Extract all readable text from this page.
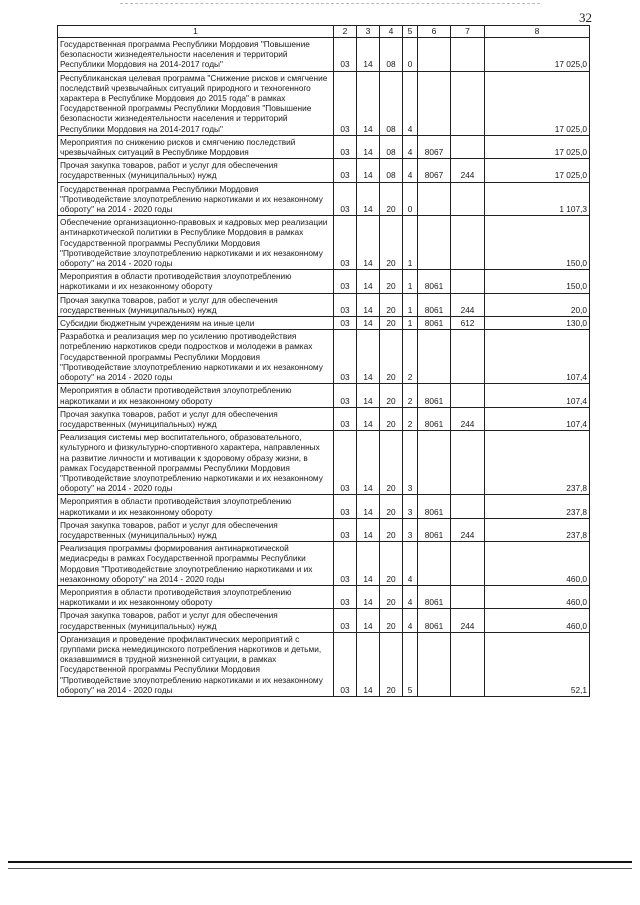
32
1	2	3	4	5	6	7	8
Государственная программа Республики Мордовия "Повышение безопасности жизнедеятельности населения и территорий Республики Мордовия на 2014-2017 годы"	03	14	08	0			17 025,0
Республиканская целевая программа "Снижение рисков и смягчение последствий чрезвычайных ситуаций природного и техногенного характера в Республике Мордовия до 2015 года" в рамках Государственной программы Республики Мордовия "Повышение безопасности жизнедеятельности населения и территорий Республики Мордовия на 2014-2017 годы"	03	14	08	4			17 025,0
Мероприятия по снижению рисков и смягчению последствий чрезвычайных ситуаций в Республике Мордовия	03	14	08	4	8067		17 025,0
Прочая закупка товаров, работ и услуг для обеспечения государственных (муниципальных) нужд	03	14	08	4	8067	244	17 025,0
Государственная программа Республики Мордовия "Противодействие злоупотреблению наркотиками и их незаконному обороту" на 2014 - 2020 годы	03	14	20	0			1 107,3
Обеспечение организационно-правовых и кадровых мер реализации антинаркотической политики в Республике Мордовия в рамках Государственной программы Республики Мордовия "Противодействие злоупотреблению наркотиками и их незаконному обороту" на 2014 - 2020 годы	03	14	20	1			150,0
Мероприятия в области противодействия злоупотреблению наркотиками и их незаконному обороту	03	14	20	1	8061		150,0
Прочая закупка товаров, работ и услуг для обеспечения государственных (муниципальных) нужд	03	14	20	1	8061	244	20,0
Субсидии бюджетным учреждениям на иные цели	03	14	20	1	8061	612	130,0
Разработка и реализация мер по усилению противодействия потреблению наркотиков среди подростков и молодежи в рамках Государственной программы Республики Мордовия "Противодействие злоупотреблению наркотиками и их незаконному обороту" на 2014 - 2020 годы	03	14	20	2			107,4
Мероприятия в области противодействия злоупотреблению наркотиками и их незаконному обороту	03	14	20	2	8061		107,4
Прочая закупка товаров, работ и услуг для обеспечения государственных (муниципальных) нужд	03	14	20	2	8061	244	107,4
Реализация системы мер воспитательного, образовательного, культурного и физкультурно-спортивного характера, направленных на развитие личности и мотивации к здоровому образу жизни, в рамках Государственной программы Республики Мордовия "Противодействие злоупотреблению наркотиками и их незаконному обороту" на 2014 - 2020 годы	03	14	20	3			237,8
Мероприятия в области противодействия злоупотреблению наркотиками и их незаконному обороту	03	14	20	3	8061		237,8
Прочая закупка товаров, работ и услуг для обеспечения государственных (муниципальных) нужд	03	14	20	3	8061	244	237,8
Реализация программы формирования антинаркотической медиасреды в рамках Государственной программы Республики Мордовия "Противодействие злоупотреблению наркотиками и их незаконному обороту" на 2014 - 2020 годы	03	14	20	4			460,0
Мероприятия в области противодействия злоупотреблению наркотиками и их незаконному обороту	03	14	20	4	8061		460,0
Прочая закупка товаров, работ и услуг для обеспечения государственных (муниципальных) нужд	03	14	20	4	8061	244	460,0
Организация и проведение профилактических мероприятий с группами риска немедицинского потребления наркотиков и детьми, оказавшимися в трудной жизненной ситуации, в рамках Государственной программы Республики Мордовия "Противодействие злоупотреблению наркотиками и их незаконному обороту" на 2014 - 2020 годы	03	14	20	5			52,1
